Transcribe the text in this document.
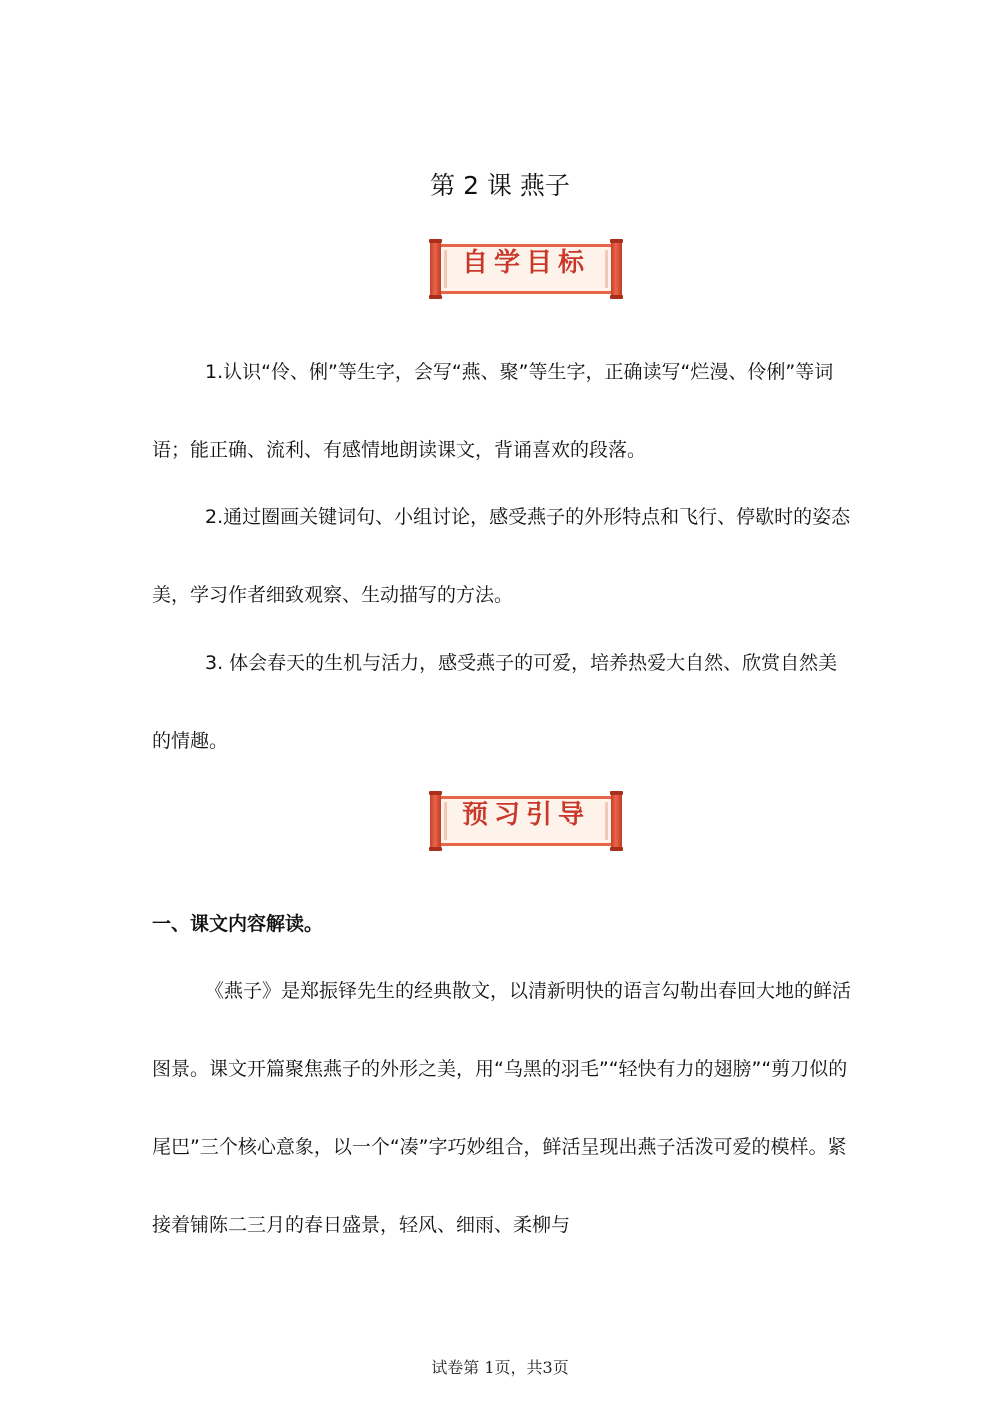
第 2 课 燕子
自学目标

1.认识“伶、俐”等生字，会写“燕、聚”等生字，正确读写“烂漫、伶俐”等词语；能正确、流利、有感情地朗读课文，背诵喜欢的段落。

2.通过圈画关键词句、小组讨论，感受燕子的外形特点和飞行、停歇时的姿态美，学习作者细致观察、生动描写的方法。

3. 体会春天的生机与活力，感受燕子的可爱，培养热爱大自然、欣赏自然美的情趣。

预习引导
一、课文内容解读。

《燕子》是郑振铎先生的经典散文，以清新明快的语言勾勒出春回大地的鲜活图景。课文开篇聚焦燕子的外形之美，用“乌黑的羽毛”“轻快有力的翅膀”“剪刀似的尾巴”三个核心意象，以一个“凑”字巧妙组合，鲜活呈现出燕子活泼可爱的模样。紧接着铺陈二三月的春日盛景，轻风、细雨、柔柳与

试卷第 1页，共3页
